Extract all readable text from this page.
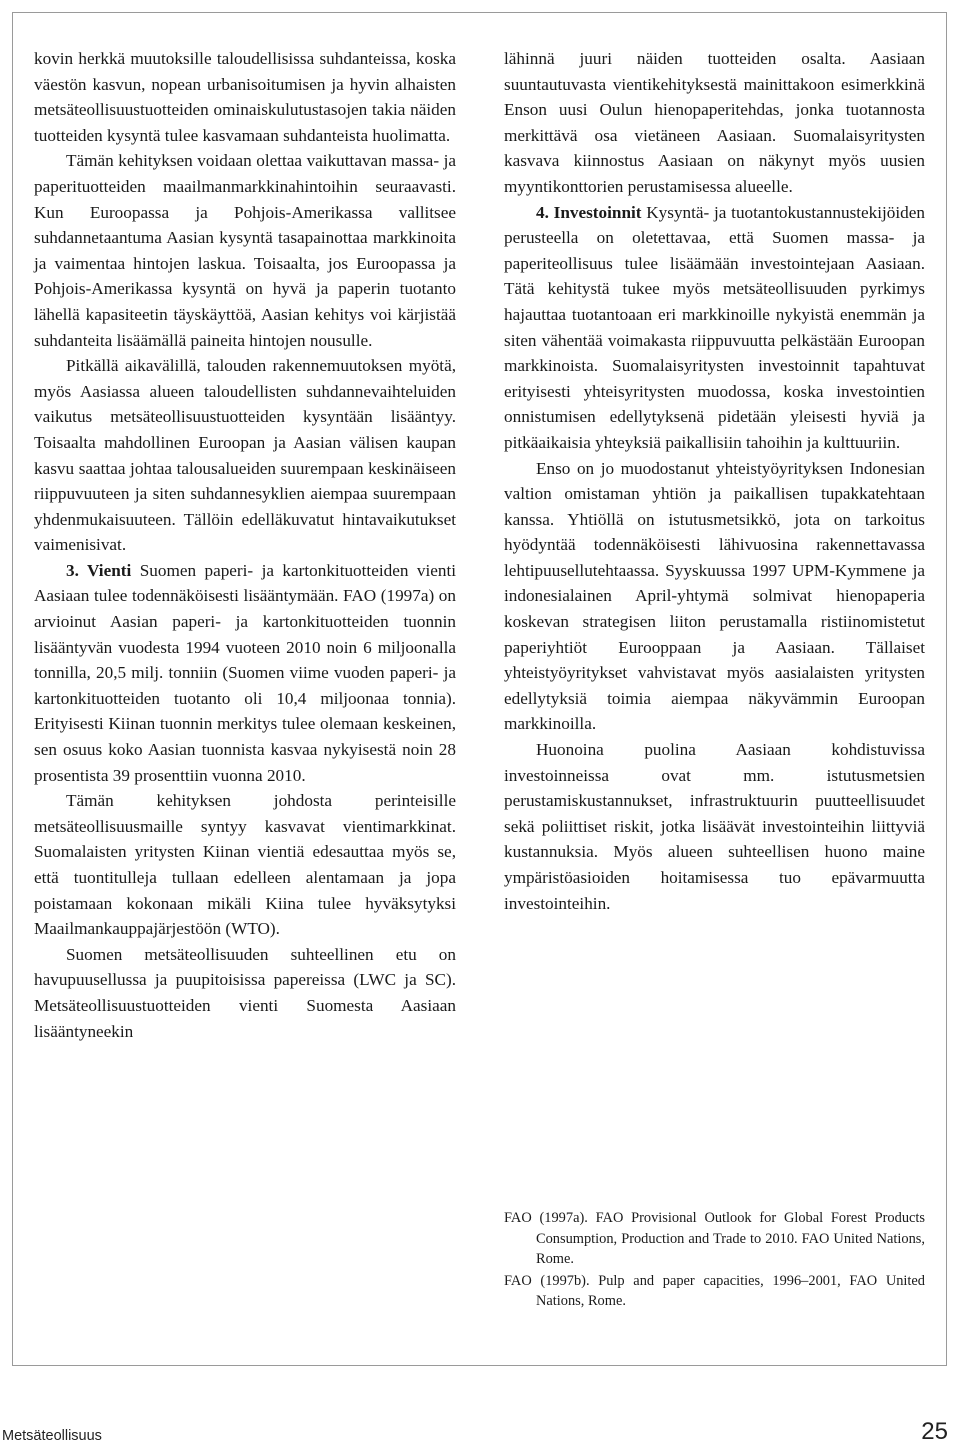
kovin herkkä muutoksille taloudellisissa suhdanteissa, koska väestön kasvun, nopean urbanisoitumisen ja hyvin alhaisten metsäteollisuustuotteiden ominaiskulutustasojen takia näiden tuotteiden kysyntä tulee kasvamaan suhdanteista huolimatta.

Tämän kehityksen voidaan olettaa vaikuttavan massa- ja paperituotteiden maailmanmarkkinahintoihin seuraavasti. Kun Euroopassa ja Pohjois-Amerikassa vallitsee suhdannetaantuma Aasian kysyntä tasapainottaa markkinoita ja vaimentaa hintojen laskua. Toisaalta, jos Euroopassa ja Pohjois-Amerikassa kysyntä on hyvä ja paperin tuotanto lähellä kapasiteetin täyskäyttöä, Aasian kehitys voi kärjistää suhdanteita lisäämällä paineita hintojen nousulle.

Pitkällä aikavälillä, talouden rakennemuutoksen myötä, myös Aasiassa alueen taloudellisten suhdannevaihteluiden vaikutus metsäteollisuustuotteiden kysyntään lisääntyy. Toisaalta mahdollinen Euroopan ja Aasian välisen kaupan kasvu saattaa johtaa talousalueiden suurempaan keskinäiseen riippuvuuteen ja siten suhdannesyklien aiempaa suurempaan yhdenmukaisuuteen. Tällöin edelläkuvatut hintavaikutukset vaimenisivat.

3. Vienti Suomen paperi- ja kartonkituotteiden vienti Aasiaan tulee todennäköisesti lisääntymään. FAO (1997a) on arvioinut Aasian paperi- ja kartonkituotteiden tuonnin lisääntyvän vuodesta 1994 vuoteen 2010 noin 6 miljoonalla tonnilla, 20,5 milj. tonniin (Suomen viime vuoden paperi- ja kartonkituotteiden tuotanto oli 10,4 miljoonaa tonnia). Erityisesti Kiinan tuonnin merkitys tulee olemaan keskeinen, sen osuus koko Aasian tuonnista kasvaa nykyisestä noin 28 prosentista 39 prosenttiin vuonna 2010.

Tämän kehityksen johdosta perinteisille metsäteollisuusmaille syntyy kasvavat vientimarkkinat. Suomalaisten yritysten Kiinan vientiä edesauttaa myös se, että tuontitulleja tullaan edelleen alentamaan ja jopa poistamaan kokonaan mikäli Kiina tulee hyväksytyksi Maailmankauppajärjestöön (WTO).

Suomen metsäteollisuuden suhteellinen etu on havupuusellussa ja puupitoisissa papereissa (LWC ja SC). Metsäteollisuustuotteiden vienti Suomesta Aasiaan lisääntyneekin

lähinnä juuri näiden tuotteiden osalta. Aasiaan suuntautuvasta vientikehityksestä mainittakoon esimerkkinä Enson uusi Oulun hienopaperitehdas, jonka tuotannosta merkittävä osa vietäneen Aasiaan. Suomalaisyritysten kasvava kiinnostus Aasiaan on näkynyt myös uusien myyntikonttorien perustamisessa alueelle.

4. Investoinnit Kysyntä- ja tuotantokustannustekijöiden perusteella on oletettavaa, että Suomen massa- ja paperiteollisuus tulee lisäämään investointejaan Aasiaan. Tätä kehitystä tukee myös metsäteollisuuden pyrkimys hajauttaa tuotantoaan eri markkinoille nykyistä enemmän ja siten vähentää voimakasta riippuvuutta pelkästään Euroopan markkinoista. Suomalaisyritysten investoinnit tapahtuvat erityisesti yhteisyritysten muodossa, koska investointien onnistumisen edellytyksenä pidetään yleisesti hyviä ja pitkäaikaisia yhteyksiä paikallisiin tahoihin ja kulttuuriin.

Enso on jo muodostanut yhteistyöyrityksen Indonesian valtion omistaman yhtiön ja paikallisen tupakkatehtaan kanssa. Yhtiöllä on istutusmetsikkö, jota on tarkoitus hyödyntää todennäköisesti lähivuosina rakennettavassa lehtipuusellutehtaassa. Syyskuussa 1997 UPM-Kymmene ja indonesialainen April-yhtymä solmivat hienopaperia koskevan strategisen liiton perustamalla ristiinomistetut paperiyhtiöt Eurooppaan ja Aasiaan. Tällaiset yhteistyöyritykset vahvistavat myös aasialaisten yritysten edellytyksiä toimia aiempaa näkyvämmin Euroopan markkinoilla.

Huonoina puolina Aasiaan kohdistuvissa investoinneissa ovat mm. istutusmetsien perustamiskustannukset, infrastruktuurin puutteellisuudet sekä poliittiset riskit, jotka lisäävät investointeihin liittyviä kustannuksia. Myös alueen suhteellisen huono maine ympäristöasioiden hoitamisessa tuo epävarmuutta investointeihin.

FAO (1997a). FAO Provisional Outlook for Global Forest Products Consumption, Production and Trade to 2010. FAO United Nations, Rome.

FAO (1997b). Pulp and paper capacities, 1996–2001, FAO United Nations, Rome.

Metsäteollisuus	25
